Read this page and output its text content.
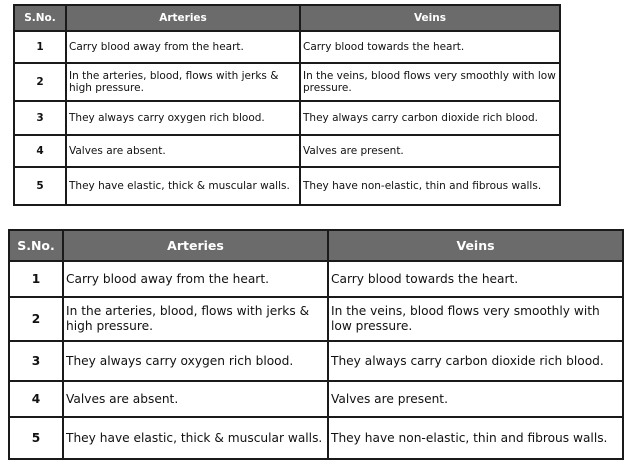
S.No.	Arteries	Veins
1	Carry blood away from the heart.	Carry blood towards the heart.
2	In the arteries, blood, flows with jerks & high pressure.	In the veins, blood flows very smoothly with low pressure.
3	They always carry oxygen rich blood.	They always carry carbon dioxide rich blood.
4	Valves are absent.	Valves are present.
5	They have elastic, thick & muscular walls.	They have non-elastic, thin and fibrous walls.
S.No.	Arteries	Veins
1	Carry blood away from the heart.	Carry blood towards the heart.
2	In the arteries, blood, flows with jerks & high pressure.	In the veins, blood flows very smoothly with low pressure.
3	They always carry oxygen rich blood.	They always carry carbon dioxide rich blood.
4	Valves are absent.	Valves are present.
5	They have elastic, thick & muscular walls.	They have non-elastic, thin and fibrous walls.
